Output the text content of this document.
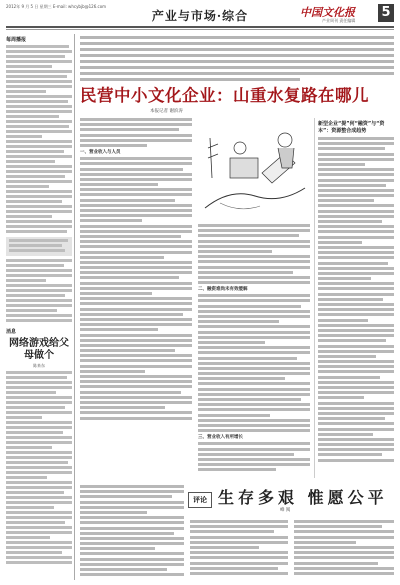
2012年 9 月 5 日 星期三 E-mail: whcybjb@126.com
产业与市场·综合	中国文化报
产业周刊 责任编辑
5
每周播报
消息
网络游戏给父母做个
陈来东
民营中小文化企业：山重水复路在哪儿
本报记者 谢滨涛
一、营业收入与人员
二、融资难尚未有效缓解
三、营业收入有所增长
新型企业“提”何“融资”与“资本”：资源整合成趋势
评论 生存多艰 惟愿公平
峰 阅
